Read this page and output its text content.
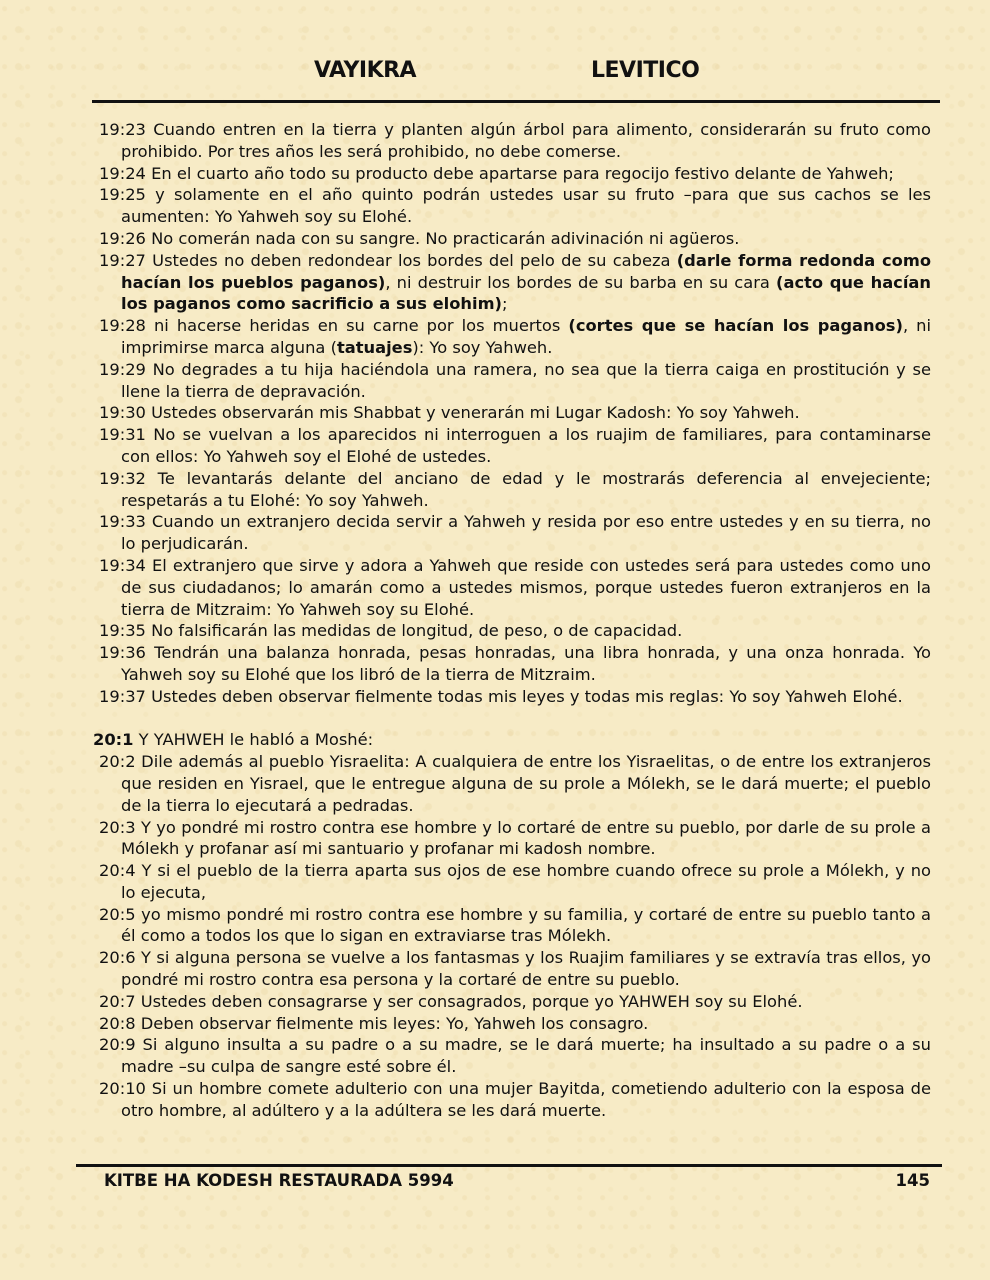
VAYIKRA	LEVITICO

19:23 Cuando entren en la tierra y planten algún árbol para alimento, considerarán su fruto como prohibido. Por tres años les será prohibido, no debe comerse.

19:24 En el cuarto año todo su producto debe apartarse para regocijo festivo delante de Yahweh;

19:25 y solamente en el año quinto podrán ustedes usar su fruto –para que sus cachos se les aumenten: Yo Yahweh soy su Elohé.

19:26 No comerán nada con su sangre. No practicarán adivinación ni agüeros.

19:27 Ustedes no deben redondear los bordes del pelo de su cabeza (darle forma redonda como hacían los pueblos paganos), ni destruir los bordes de su barba en su cara (acto que hacían los paganos como sacrificio a sus elohim);

19:28 ni hacerse heridas en su carne por los muertos (cortes que se hacían los paganos), ni imprimirse marca alguna (tatuajes): Yo soy Yahweh.

19:29 No degrades a tu hija haciéndola una ramera, no sea que la tierra caiga en prostitución y se llene la tierra de depravación.

19:30 Ustedes observarán mis Shabbat y venerarán mi Lugar Kadosh: Yo soy Yahweh.

19:31 No se vuelvan a los aparecidos ni interroguen a los ruajim de familiares, para contaminarse con ellos: Yo Yahweh soy el Elohé de ustedes.

19:32 Te levantarás delante del anciano de edad y le mostrarás deferencia al envejeciente; respetarás a tu Elohé: Yo soy Yahweh.

19:33 Cuando un extranjero decida servir a Yahweh y resida por eso entre ustedes y en su tierra, no lo perjudicarán.

19:34 El extranjero que sirve y adora a Yahweh que reside con ustedes será para ustedes como uno de sus ciudadanos; lo amarán como a ustedes mismos, porque ustedes fueron extranjeros en la tierra de Mitzraim: Yo Yahweh soy su Elohé.

19:35 No falsificarán las medidas de longitud, de peso, o de capacidad.

19:36 Tendrán una balanza honrada, pesas honradas, una libra honrada, y una onza honrada. Yo Yahweh soy su Elohé que los libró de la tierra de Mitzraim.

19:37 Ustedes deben observar fielmente todas mis leyes y todas mis reglas: Yo soy Yahweh Elohé.

20:1 Y YAHWEH le habló a Moshé:

20:2 Dile además al pueblo Yisraelita: A cualquiera de entre los Yisraelitas, o de entre los extranjeros que residen en Yisrael, que le entregue alguna de su prole a Mólekh, se le dará muerte; el pueblo de la tierra lo ejecutará a pedradas.

20:3 Y yo pondré mi rostro contra ese hombre y lo cortaré de entre su pueblo, por darle de su prole a Mólekh y profanar así mi santuario y profanar mi kadosh nombre.

20:4 Y si el pueblo de la tierra aparta sus ojos de ese hombre cuando ofrece su prole a Mólekh, y no lo ejecuta,

20:5 yo mismo pondré mi rostro contra ese hombre y su familia, y cortaré de entre su pueblo tanto a él como a todos los que lo sigan en extraviarse tras Mólekh.

20:6 Y si alguna persona se vuelve a los fantasmas y los Ruajim familiares y se extravía tras ellos, yo pondré mi rostro contra esa persona y la cortaré de entre su pueblo.

20:7 Ustedes deben consagrarse y ser consagrados, porque yo YAHWEH soy su Elohé.

20:8 Deben observar fielmente mis leyes: Yo, Yahweh los consagro.

20:9 Si alguno insulta a su padre o a su madre, se le dará muerte; ha insultado a su padre o a su madre –su culpa de sangre esté sobre él.

20:10 Si un hombre comete adulterio con una mujer Bayitda, cometiendo adulterio con la esposa de otro hombre, al adúltero y a la adúltera se les dará muerte.

KITBE HA KODESH RESTAURADA 5994	145
